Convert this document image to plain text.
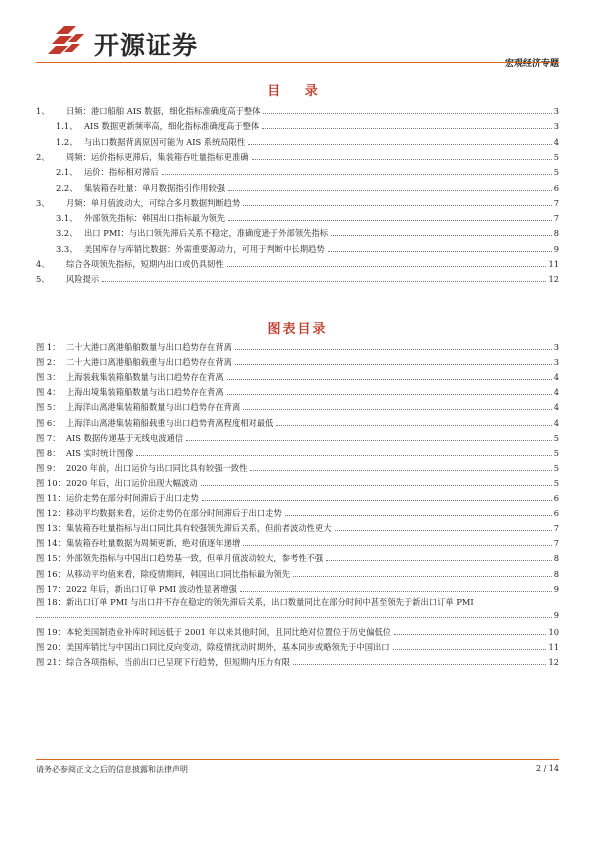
开源证券
宏观经济专题
目 录
1、	日频：港口船舶 AIS 数据，细化指标准确度高于整体	3
1.1、 AIS 数据更新频率高，细化指标准确度高于整体	3
1.2、 与出口数据背离原因可能为 AIS 系统局限性	4
2、	周频：运价指标更滞后，集装箱吞吐量指标更准确	5
2.1、 运价：指标相对滞后	5
2.2、 集装箱吞吐量：单月数据指引作用较强	6
3、	月频：单月值波动大，可综合多月数据判断趋势	7
3.1、 外部领先指标：韩国出口指标最为领先	7
3.2、 出口 PMI：与出口领先滞后关系不稳定，准确度逊于外部领先指标	8
3.3、 美国库存与库销比数据：外需重要源动力，可用于判断中长期趋势	9
4、	综合各项领先指标，短期内出口或仍具韧性	11
5、	风险提示	12
图表目录
图 1： 二十大港口离港船舶数量与出口趋势存在背离	3
图 2： 二十大港口离港船舶载重与出口趋势存在背离	3
图 3： 上海装载集装箱船数量与出口趋势存在背离	4
图 4： 上海出境集装箱船数量与出口趋势存在背离	4
图 5： 上海洋山离港集装箱船数量与出口趋势存在背离	4
图 6： 上海洋山离港集装箱船载重与出口趋势背离程度相对最低	4
图 7： AIS 数据传递基于无线电波通信	5
图 8： AIS 实时统计图像	5
图 9： 2020 年前，出口运价与出口同比具有较强一致性	5
图 10： 2020 年后，出口运价出现大幅波动	5
图 11： 运价走势在部分时间滞后于出口走势	6
图 12： 移动平均数据来看，运价走势仍在部分时间滞后于出口走势	6
图 13： 集装箱吞吐量指标与出口同比具有较强领先滞后关系，但前者波动性更大	7
图 14： 集装箱吞吐量数据为周频更新，绝对值逐年递增	7
图 15： 外部领先指标与中国出口趋势基一致，但单月值波动较大，参考性不强	8
图 16： 从移动平均值来看，除疫情期间，韩国出口同比指标最为领先	8
图 17： 2022 年后，新出口订单 PMI 波动性显著增强	9
图 18： 新出口订单 PMI 与出口并不存在稳定的领先滞后关系，出口数量同比在部分时间中甚至领先于新出口订单 PMI
9
图 19： 本轮美国制造业补库时间远低于 2001 年以来其他时间，且同比绝对位置位于历史偏低位	10
图 20： 美国库销比与中国出口同比反向变动，除疫情扰动时期外，基本同步或略领先于中国出口	11
图 21： 综合各项指标，当前出口已呈现下行趋势，但短期内压力有限	12
请务必参阅正文之后的信息披露和法律声明	2 / 14
